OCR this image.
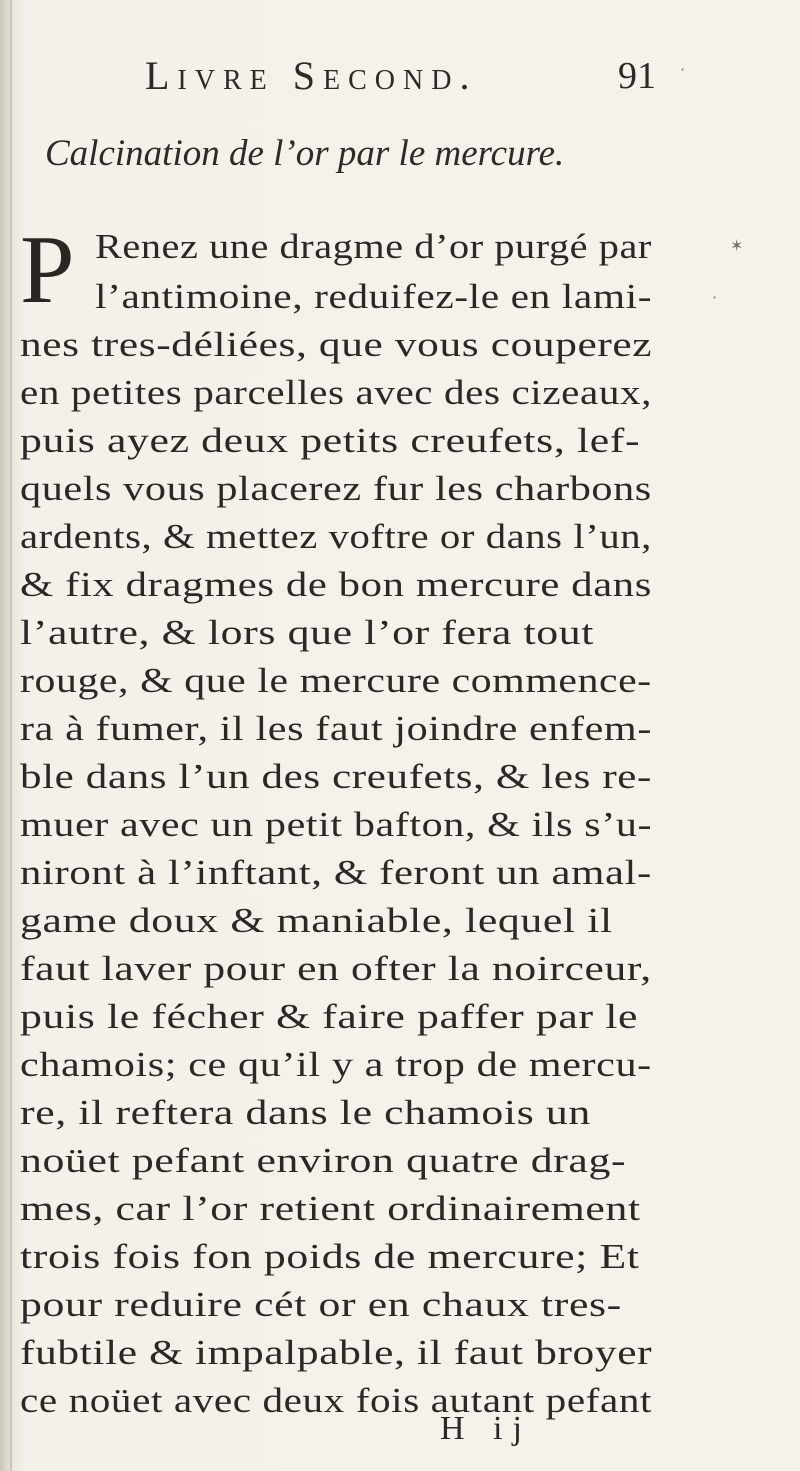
Livre Second.	91
Calcination de l’or par le mercure.
P Renez une dragme d’or purgé par
l’antimoine, reduifez-le en lami-
nes tres-déliées, que vous couperez
en petites parcelles avec des cizeaux,
puis ayez deux petits creufets, lef-
quels vous placerez fur les charbons
ardents, & mettez voftre or dans l’un,
& fix dragmes de bon mercure dans
l’autre, & lors que l’or fera tout
rouge, & que le mercure commence-
ra à fumer, il les faut joindre enfem-
ble dans l’un des creufets, & les re-
muer avec un petit bafton, & ils s’u-
niront à l’inftant, & feront un amal-
game doux & maniable, lequel il
faut laver pour en ofter la noirceur,
puis le fécher & faire paffer par le
chamois; ce qu’il y a trop de mercu-
re, il reftera dans le chamois un
noüet pefant environ quatre drag-
mes, car l’or retient ordinairement
trois fois fon poids de mercure; Et
pour reduire cét or en chaux tres-
fubtile & impalpable, il faut broyer
ce noüet avec deux fois autant pefant
H ij
✶
·
·
